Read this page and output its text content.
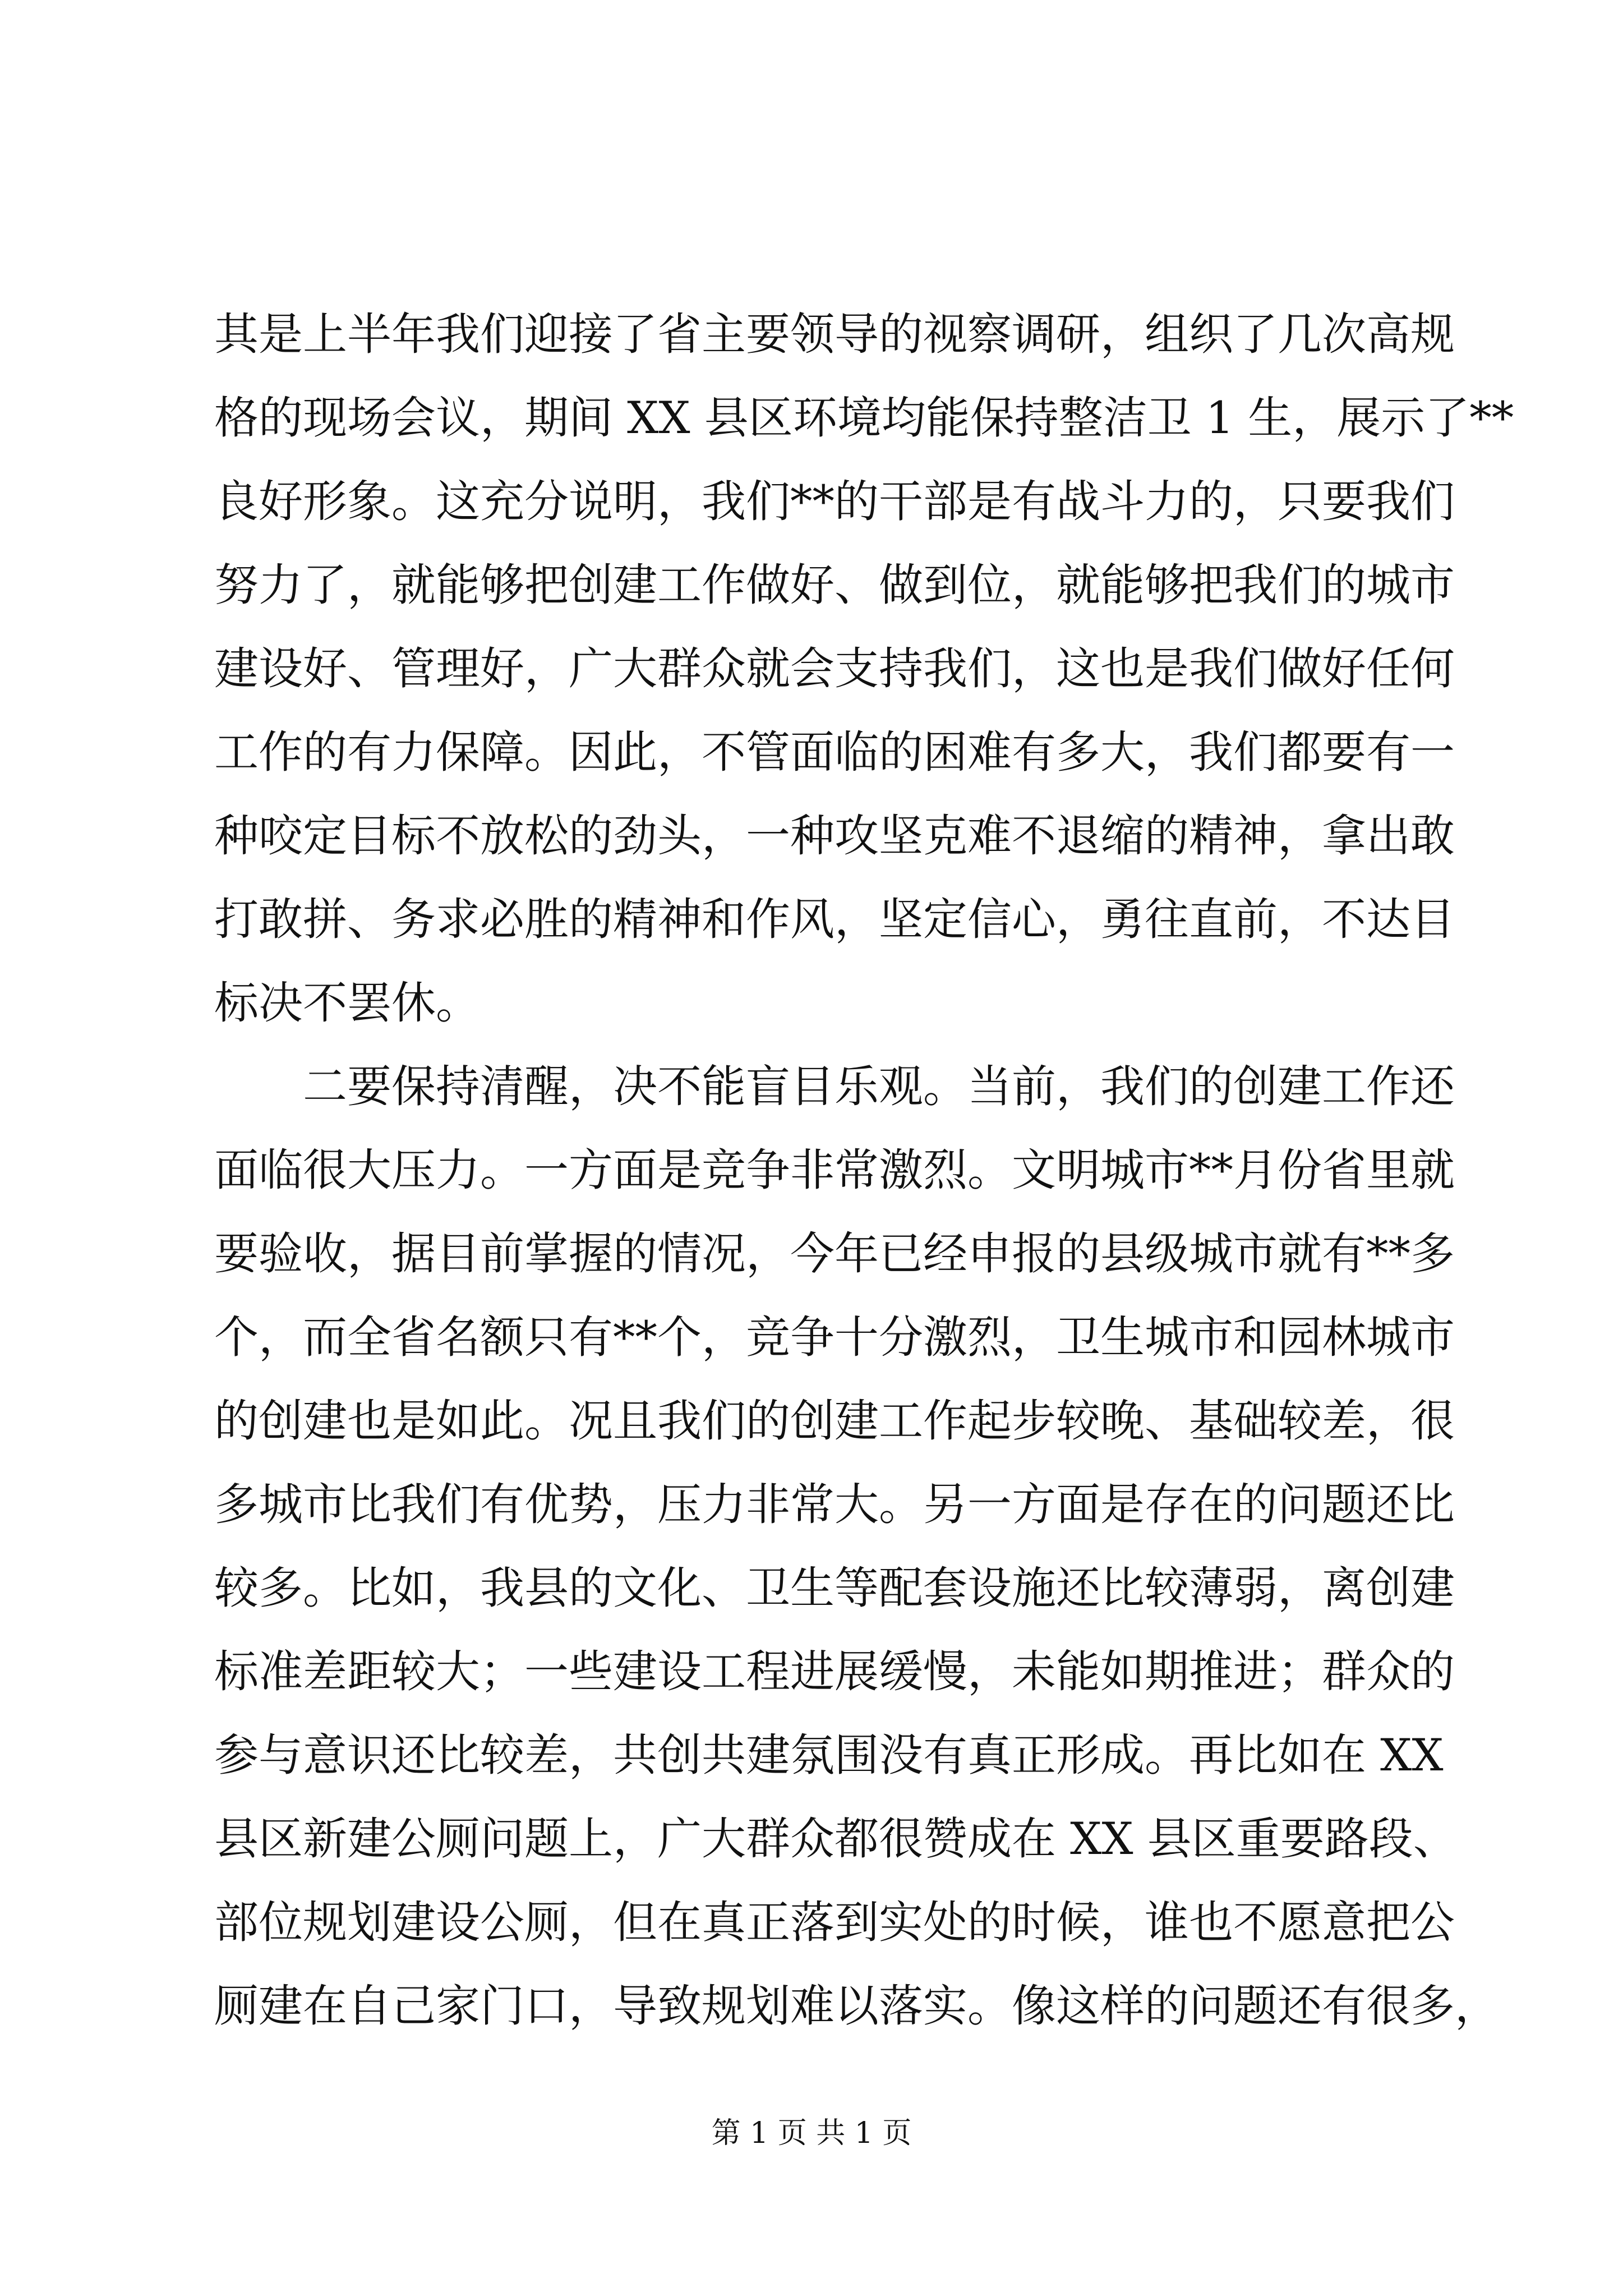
其是上半年我们迎接了省主要领导的视察调研，组织了几次高规
格的现场会议，期间 XX 县区环境均能保持整洁卫 1 生，展示了**
良好形象。这充分说明，我们**的干部是有战斗力的，只要我们
努力了，就能够把创建工作做好、做到位，就能够把我们的城市
建设好、管理好，广大群众就会支持我们，这也是我们做好任何
工作的有力保障。因此，不管面临的困难有多大，我们都要有一
种咬定目标不放松的劲头，一种攻坚克难不退缩的精神，拿出敢
打敢拼、务求必胜的精神和作风，坚定信心，勇往直前，不达目
标决不罢休。
二要保持清醒，决不能盲目乐观。当前，我们的创建工作还
面临很大压力。一方面是竞争非常激烈。文明城市**月份省里就
要验收，据目前掌握的情况，今年已经申报的县级城市就有**多
个，而全省名额只有**个，竞争十分激烈，卫生城市和园林城市
的创建也是如此。况且我们的创建工作起步较晚、基础较差，很
多城市比我们有优势，压力非常大。另一方面是存在的问题还比
较多。比如，我县的文化、卫生等配套设施还比较薄弱，离创建
标准差距较大；一些建设工程进展缓慢，未能如期推进；群众的
参与意识还比较差，共创共建氛围没有真正形成。再比如在 XX
县区新建公厕问题上，广大群众都很赞成在 XX 县区重要路段、
部位规划建设公厕，但在真正落到实处的时候，谁也不愿意把公
厕建在自己家门口，导致规划难以落实。像这样的问题还有很多，
第 1 页 共 1 页
